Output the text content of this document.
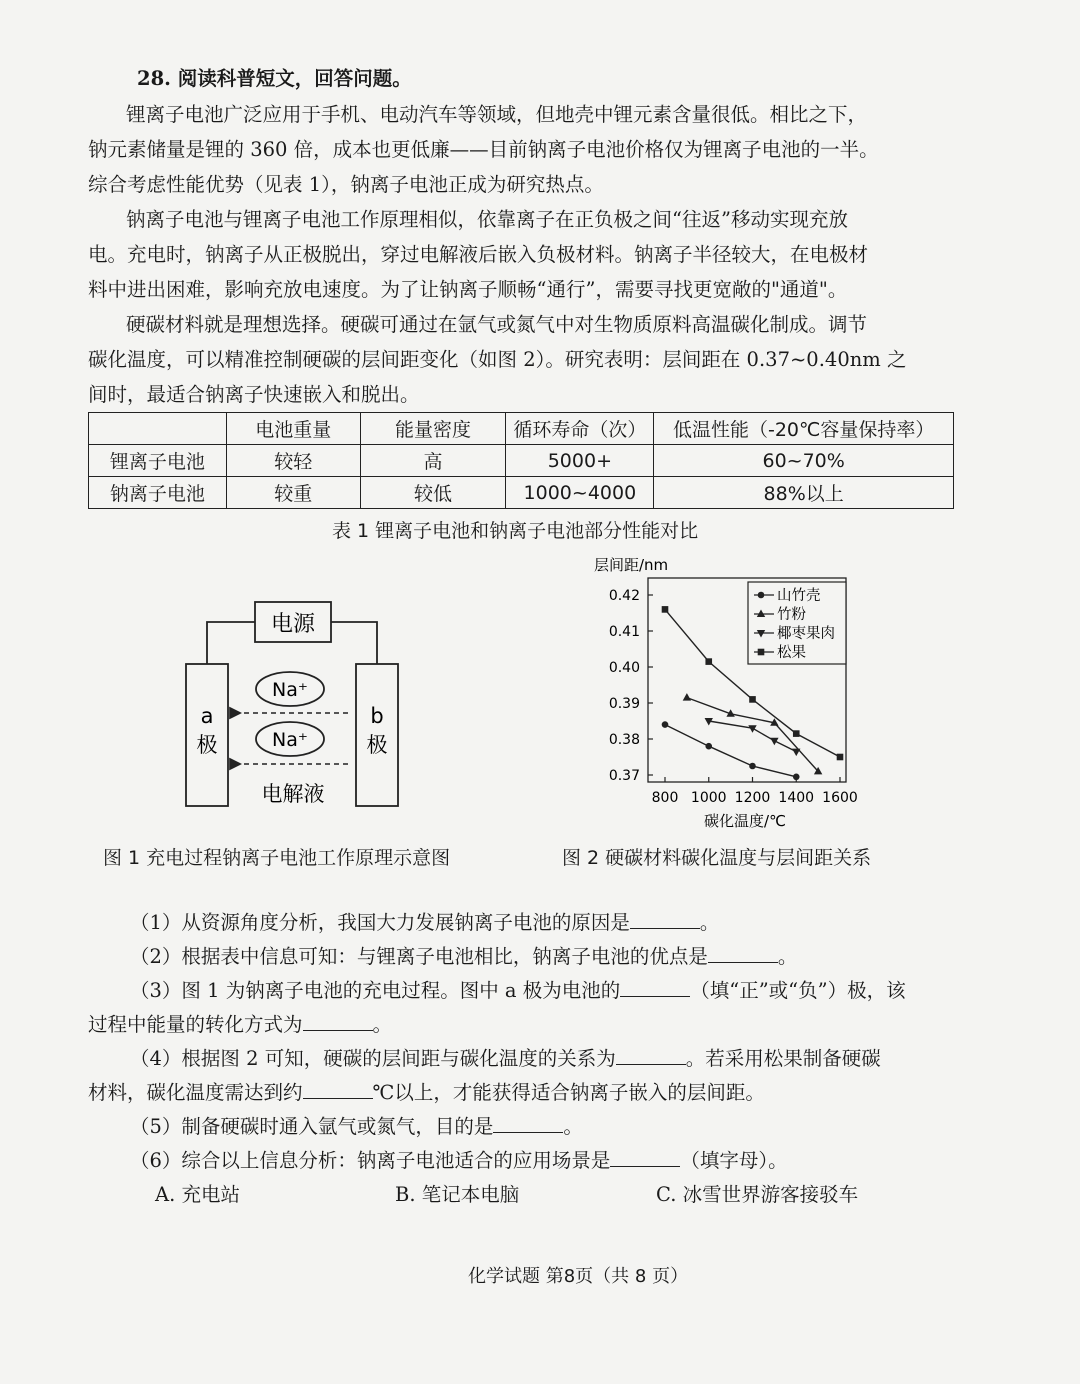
28. 阅读科普短文，回答问题。
锂离子电池广泛应用于手机、电动汽车等领域，但地壳中锂元素含量很低。相比之下，
钠元素储量是锂的 360 倍，成本也更低廉——目前钠离子电池价格仅为锂离子电池的一半。
综合考虑性能优势（见表 1），钠离子电池正成为研究热点。
钠离子电池与锂离子电池工作原理相似，依靠离子在正负极之间“往返”移动实现充放
电。充电时，钠离子从正极脱出，穿过电解液后嵌入负极材料。钠离子半径较大，在电极材
料中进出困难，影响充放电速度。为了让钠离子顺畅“通行”，需要寻找更宽敞的"通道"。
硬碳材料就是理想选择。硬碳可通过在氩气或氮气中对生物质原料高温碳化制成。调节
碳化温度，可以精准控制硬碳的层间距变化（如图 2）。研究表明：层间距在 0.37~0.40nm 之
间时，最适合钠离子快速嵌入和脱出。
	电池重量	能量密度	循环寿命（次）	低温性能（-20℃容量保持率）
锂离子电池	较轻	高	5000+	60~70%
钠离子电池	较重	较低	1000~4000	88%以上
表 1 锂离子电池和钠离子电池部分性能对比
电源
a
极
b
极
Na⁺
Na⁺
电解液
图 1 充电过程钠离子电池工作原理示意图
层间距/nm
碳化温度/℃
800 1000 1200 1400 1600
0.42
0.41
0.40
0.39
0.38
0.37
山竹壳
竹粉
椰枣果肉
松果
图 2 硬碳材料碳化温度与层间距关系
（1）从资源角度分析，我国大力发展钠离子电池的原因是	。
（2）根据表中信息可知：与锂离子电池相比，钠离子电池的优点是	。
（3）图 1 为钠离子电池的充电过程。图中 a 极为电池的	（填“正”或“负”）极，该
过程中能量的转化方式为	。
（4）根据图 2 可知，硬碳的层间距与碳化温度的关系为	。若采用松果制备硬碳
材料，碳化温度需达到约	℃以上，才能获得适合钠离子嵌入的层间距。
（5）制备硬碳时通入氩气或氮气，目的是	。
（6）综合以上信息分析：钠离子电池适合的应用场景是	（填字母）。
A. 充电站	B. 笔记本电脑	C. 冰雪世界游客接驳车
化学试题 第8页（共 8 页）
